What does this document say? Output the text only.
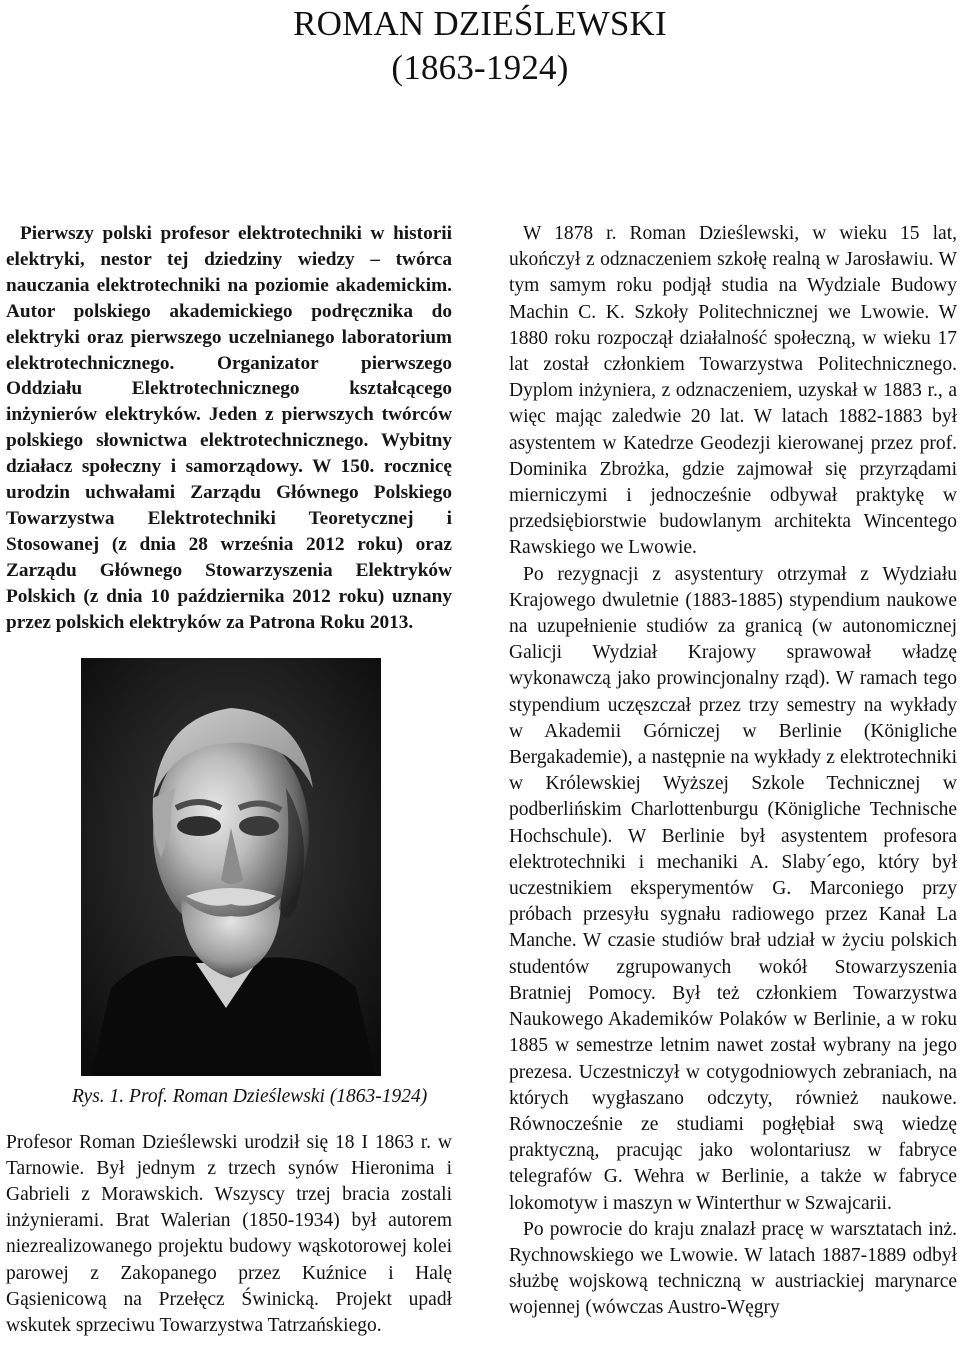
ROMAN DZIEŚLEWSKI
(1863-1924)

Pierwszy polski profesor elektrotechniki w historii elektryki, nestor tej dziedziny wiedzy – twórca nauczania elektrotechniki na poziomie akademickim. Autor polskiego akademickiego podręcznika do elektryki oraz pierwszego uczelnianego laboratorium elektrotechnicznego. Organizator pierwszego Oddziału Elektrotechnicznego kształcącego inżynierów elektryków. Jeden z pierwszych twórców polskiego słownictwa elektrotechnicznego. Wybitny działacz społeczny i samorządowy. W 150. rocznicę urodzin uchwałami Zarządu Głównego Polskiego Towarzystwa Elektrotechniki Teoretycznej i Stosowanej (z dnia 28 września 2012 roku) oraz Zarządu Głównego Stowarzyszenia Elektryków Polskich (z dnia 10 października 2012 roku) uznany przez polskich elektryków za Patrona Roku 2013.

Rys. 1. Prof. Roman Dzieślewski (1863-1924)

Profesor Roman Dzieślewski urodził się 18 I 1863 r. w Tarnowie. Był jednym z trzech synów Hieronima i Gabrieli z Morawskich. Wszyscy trzej bracia zostali inżynierami. Brat Walerian (1850-1934) był autorem niezrealizowanego projektu budowy wąskotorowej kolei parowej z Zakopanego przez Kuźnice i Halę Gąsienicową na Przełęcz Świnicką. Projekt upadł wskutek sprzeciwu Towarzystwa Tatrzańskiego.

W 1878 r. Roman Dzieślewski, w wieku 15 lat, ukończył z odznaczeniem szkołę realną w Jarosławiu. W tym samym roku podjął studia na Wydziale Budowy Machin C. K. Szkoły Politechnicznej we Lwowie. W 1880 roku rozpoczął działalność społeczną, w wieku 17 lat został członkiem Towarzystwa Politechnicznego. Dyplom inżyniera, z odznaczeniem, uzyskał w 1883 r., a więc mając zaledwie 20 lat. W latach 1882-1883 był asystentem w Katedrze Geodezji kierowanej przez prof. Dominika Zbrożka, gdzie zajmował się przyrządami mierniczymi i jednocześnie odbywał praktykę w przedsiębiorstwie budowlanym architekta Wincentego Rawskiego we Lwowie.

Po rezygnacji z asystentury otrzymał z Wydziału Krajowego dwuletnie (1883-1885) stypendium naukowe na uzupełnienie studiów za granicą (w autonomicznej Galicji Wydział Krajowy sprawował władzę wykonawczą jako prowincjonalny rząd). W ramach tego stypendium uczęszczał przez trzy semestry na wykłady w Akademii Górniczej w Berlinie (Königliche Bergakademie), a następnie na wykłady z elektrotechniki w Królewskiej Wyższej Szkole Technicznej w podberlińskim Charlottenburgu (Königliche Technische Hochschule). W Berlinie był asystentem profesora elektrotechniki i mechaniki A. Slaby´ego, który był uczestnikiem eksperymentów G. Marconiego przy próbach przesyłu sygnału radiowego przez Kanał La Manche. W czasie studiów brał udział w życiu polskich studentów zgrupowanych wokół Stowarzyszenia Bratniej Pomocy. Był też członkiem Towarzystwa Naukowego Akademików Polaków w Berlinie, a w roku 1885 w semestrze letnim nawet został wybrany na jego prezesa. Uczestniczył w cotygodniowych zebraniach, na których wygłaszano odczyty, również naukowe. Równocześnie ze studiami pogłębiał swą wiedzę praktyczną, pracując jako wolontariusz w fabryce telegrafów G. Wehra w Berlinie, a także w fabryce lokomotyw i maszyn w Winterthur w Szwajcarii.

Po powrocie do kraju znalazł pracę w warsztatach inż. Rychnowskiego we Lwowie. W latach 1887-1889 odbył służbę wojskową techniczną w austriackiej marynarce wojennej (wówczas Austro-Węgry
